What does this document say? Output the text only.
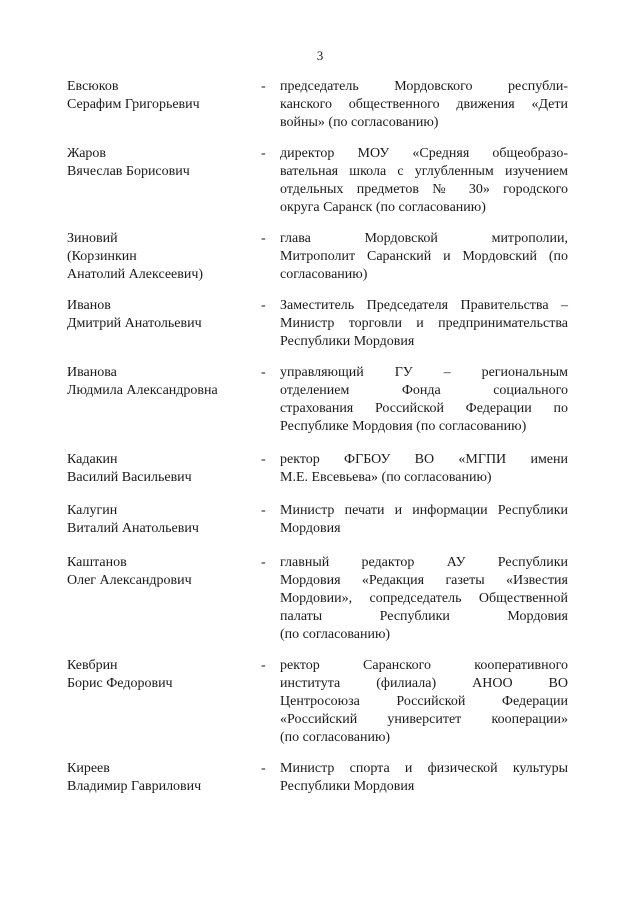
3
Евсюков
Серафим Григорьевич
- председатель Мордовского республи-
канского общественного движения «Дети
войны» (по согласованию)
Жаров
Вячеслав Борисович
- директор МОУ «Средняя общеобразо-
вательная школа с углубленным изучением
отдельных предметов № 30» городского
округа Саранск (по согласованию)
Зиновий
(Корзинкин
Анатолий Алексеевич)
- глава Мордовской митрополии,
Митрополит Саранский и Мордовский (по
согласованию)
Иванов
Дмитрий Анатольевич
- Заместитель Председателя Правительства –
Министр торговли и предпринимательства
Республики Мордовия
Иванова
Людмила Александровна
- управляющий ГУ – региональным
отделением Фонда социального
страхования Российской Федерации по
Республике Мордовия (по согласованию)
Кадакин
Василий Васильевич
- ректор ФГБОУ ВО «МГПИ имени
М.Е. Евсевьева» (по согласованию)
Калугин
Виталий Анатольевич
- Министр печати и информации Республики
Мордовия
Каштанов
Олег Александрович
- главный редактор АУ Республики
Мордовия «Редакция газеты «Известия
Мордовии», сопредседатель Общественной
палаты Республики Мордовия
(по согласованию)
Кевбрин
Борис Федорович
- ректор Саранского кооперативного
института (филиала) АНОО ВО
Центросоюза Российской Федерации
«Российский университет кооперации»
(по согласованию)
Киреев
Владимир Гаврилович
- Министр спорта и физической культуры
Республики Мордовия
